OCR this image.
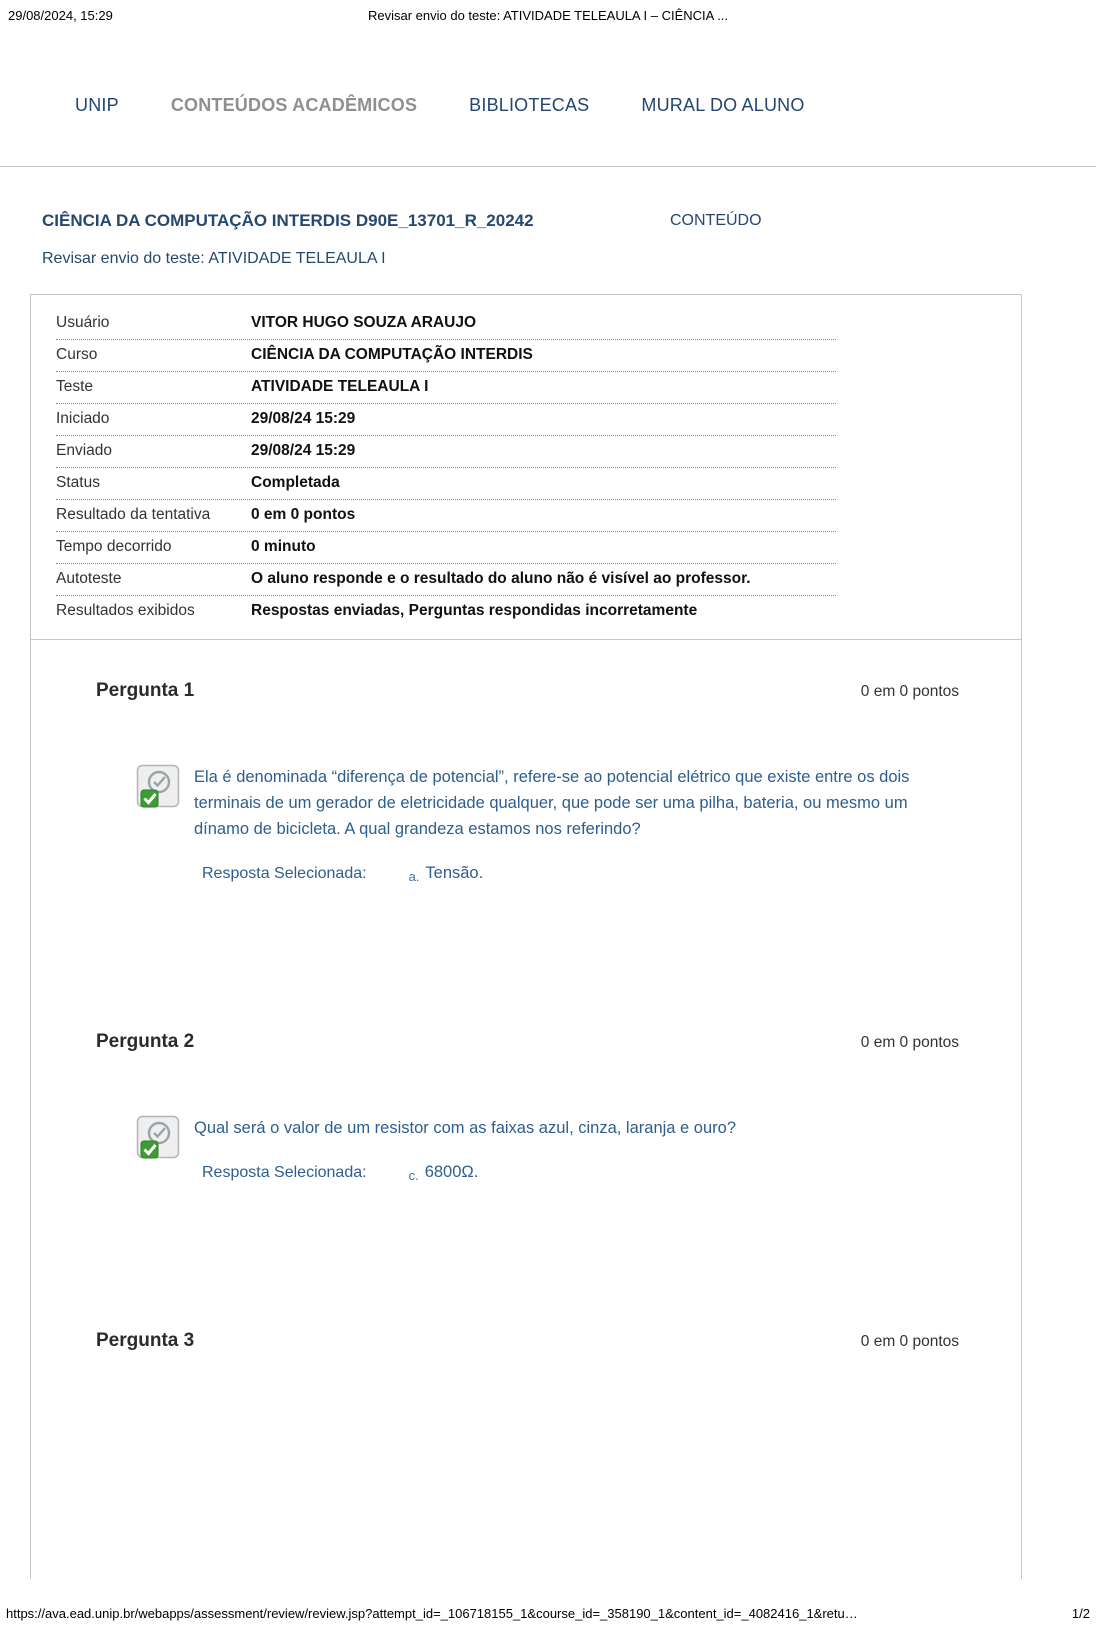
29/08/2024, 15:29	Revisar envio do teste: ATIVIDADE TELEAULA I – CIÊNCIA ...
UNIP	CONTEÚDOS ACADÊMICOS	BIBLIOTECAS	MURAL DO ALUNO
CIÊNCIA DA COMPUTAÇÃO INTERDIS D90E_13701_R_20242	CONTEÚDO
Revisar envio do teste: ATIVIDADE TELEAULA I
Usuário	VITOR HUGO SOUZA ARAUJO
Curso	CIÊNCIA DA COMPUTAÇÃO INTERDIS
Teste	ATIVIDADE TELEAULA I
Iniciado	29/08/24 15:29
Enviado	29/08/24 15:29
Status	Completada
Resultado da tentativa	0 em 0 pontos
Tempo decorrido	0 minuto
Autoteste	O aluno responde e o resultado do aluno não é visível ao professor.
Resultados exibidos	Respostas enviadas, Perguntas respondidas incorretamente
Pergunta 1	0 em 0 pontos

Ela é denominada “diferença de potencial”, refere-se ao potencial elétrico que existe entre os dois terminais de um gerador de eletricidade qualquer, que pode ser uma pilha, bateria, ou mesmo um dínamo de bicicleta. A qual grandeza estamos nos referindo?

Resposta Selecionada:	a. Tensão.
Pergunta 2	0 em 0 pontos

Qual será o valor de um resistor com as faixas azul, cinza, laranja e ouro?

Resposta Selecionada:	c. 6800Ω.
Pergunta 3	0 em 0 pontos
https://ava.ead.unip.br/webapps/assessment/review/review.jsp?attempt_id=_106718155_1&course_id=_358190_1&content_id=_4082416_1&retu…	1/2
